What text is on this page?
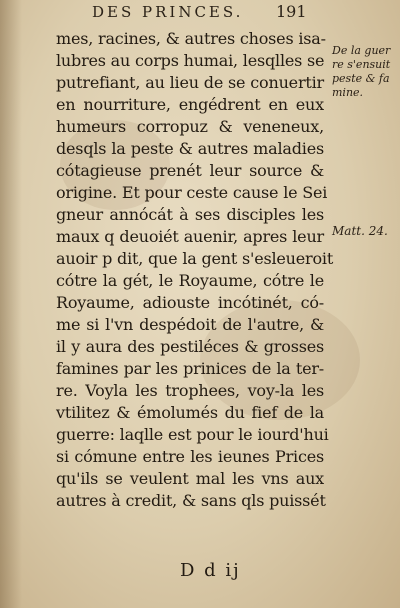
DES PRINCES. 191
mes, racines, & autres choses isa-
lubres au corps humai, lesqlles se
putrefiant, au lieu de se conuertir
en nourriture, engédrent en eux
humeurs corropuz & veneneux,
desqls la peste & autres maladies
cótagieuse prenét leur source &
origine. Et pour ceste cause le Sei
gneur annócát à ses disciples les
maux q deuoiét auenir, apres leur
auoir p dit, que la gent s'esleueroit
cótre la gét, le Royaume, cótre le
Royaume, adiouste incótinét, có-
me si l'vn despédoit de l'autre, &
il y aura des pestiléces & grosses
famines par les prinices de la ter-
re. Voyla les trophees, voy-la les
vtilitez & émolumés du fief de la
guerre: laqlle est pour le iourd'hui
si cómune entre les ieunes Prices
qu'ils se veulent mal les vns aux
autres à credit, & sans qls puissét
De la guer
re s'ensuit
peste & fa
mine.
Matt. 24.
D d ij
